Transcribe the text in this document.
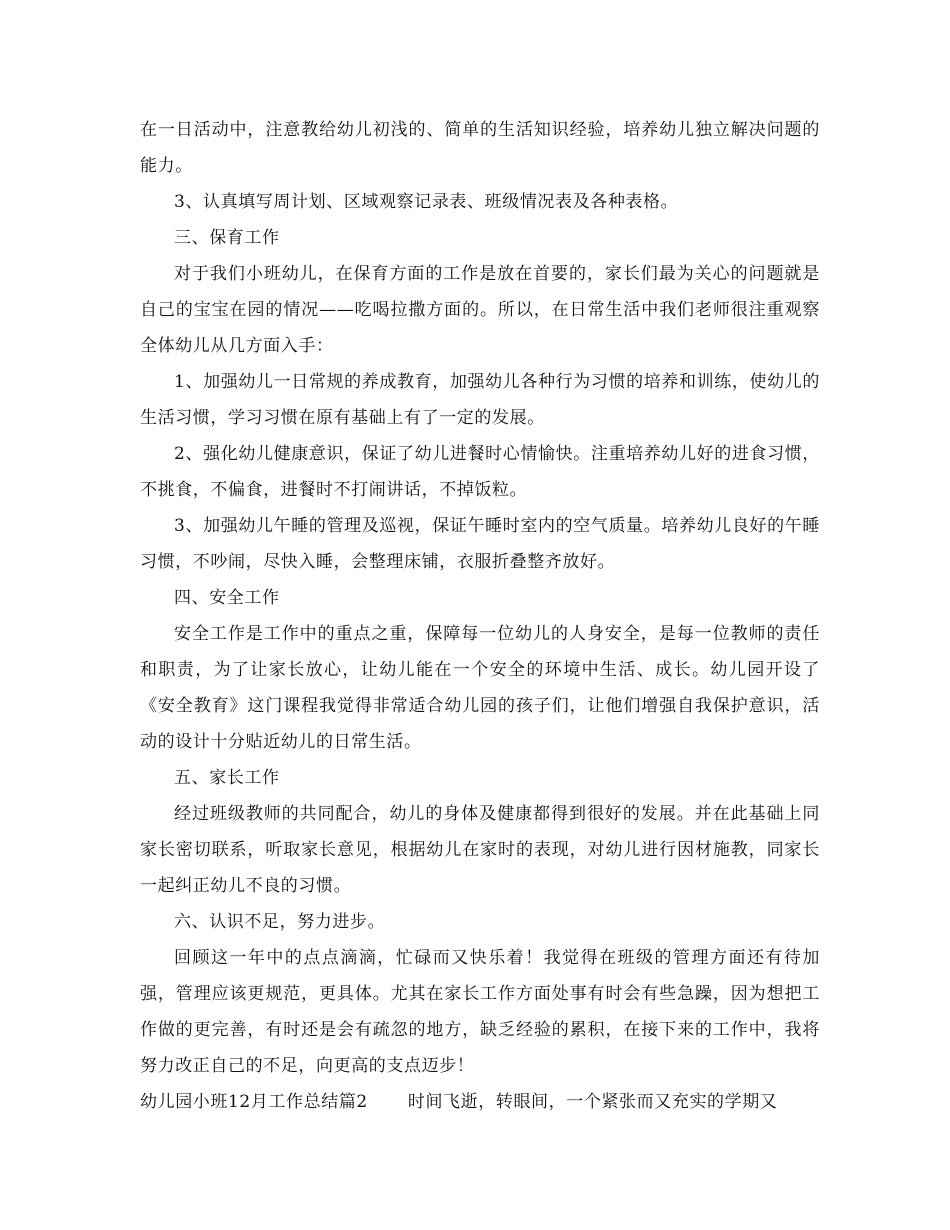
在一日活动中，注意教给幼儿初浅的、简单的生活知识经验，培养幼儿独立解决问题的能力。

3、认真填写周计划、区域观察记录表、班级情况表及各种表格。

三、保育工作

对于我们小班幼儿，在保育方面的工作是放在首要的，家长们最为关心的问题就是自己的宝宝在园的情况——吃喝拉撒方面的。所以，在日常生活中我们老师很注重观察全体幼儿从几方面入手：

1、加强幼儿一日常规的养成教育，加强幼儿各种行为习惯的培养和训练，使幼儿的生活习惯，学习习惯在原有基础上有了一定的发展。

2、强化幼儿健康意识，保证了幼儿进餐时心情愉快。注重培养幼儿好的进食习惯，不挑食，不偏食，进餐时不打闹讲话，不掉饭粒。

3、加强幼儿午睡的管理及巡视，保证午睡时室内的空气质量。培养幼儿良好的午睡习惯，不吵闹，尽快入睡，会整理床铺，衣服折叠整齐放好。

四、安全工作

安全工作是工作中的重点之重，保障每一位幼儿的人身安全，是每一位教师的责任和职责，为了让家长放心，让幼儿能在一个安全的环境中生活、成长。幼儿园开设了《安全教育》这门课程我觉得非常适合幼儿园的孩子们，让他们增强自我保护意识，活动的设计十分贴近幼儿的日常生活。

五、家长工作

经过班级教师的共同配合，幼儿的身体及健康都得到很好的发展。并在此基础上同家长密切联系，听取家长意见，根据幼儿在家时的表现，对幼儿进行因材施教，同家长一起纠正幼儿不良的习惯。

六、认识不足，努力进步。

回顾这一年中的点点滴滴，忙碌而又快乐着！我觉得在班级的管理方面还有待加强，管理应该更规范，更具体。尤其在家长工作方面处事有时会有些急躁，因为想把工作做的更完善，有时还是会有疏忽的地方，缺乏经验的累积，在接下来的工作中，我将努力改正自己的不足，向更高的支点迈步！

幼儿园小班12月工作总结篇2 时间飞逝，转眼间，一个紧张而又充实的学期又
